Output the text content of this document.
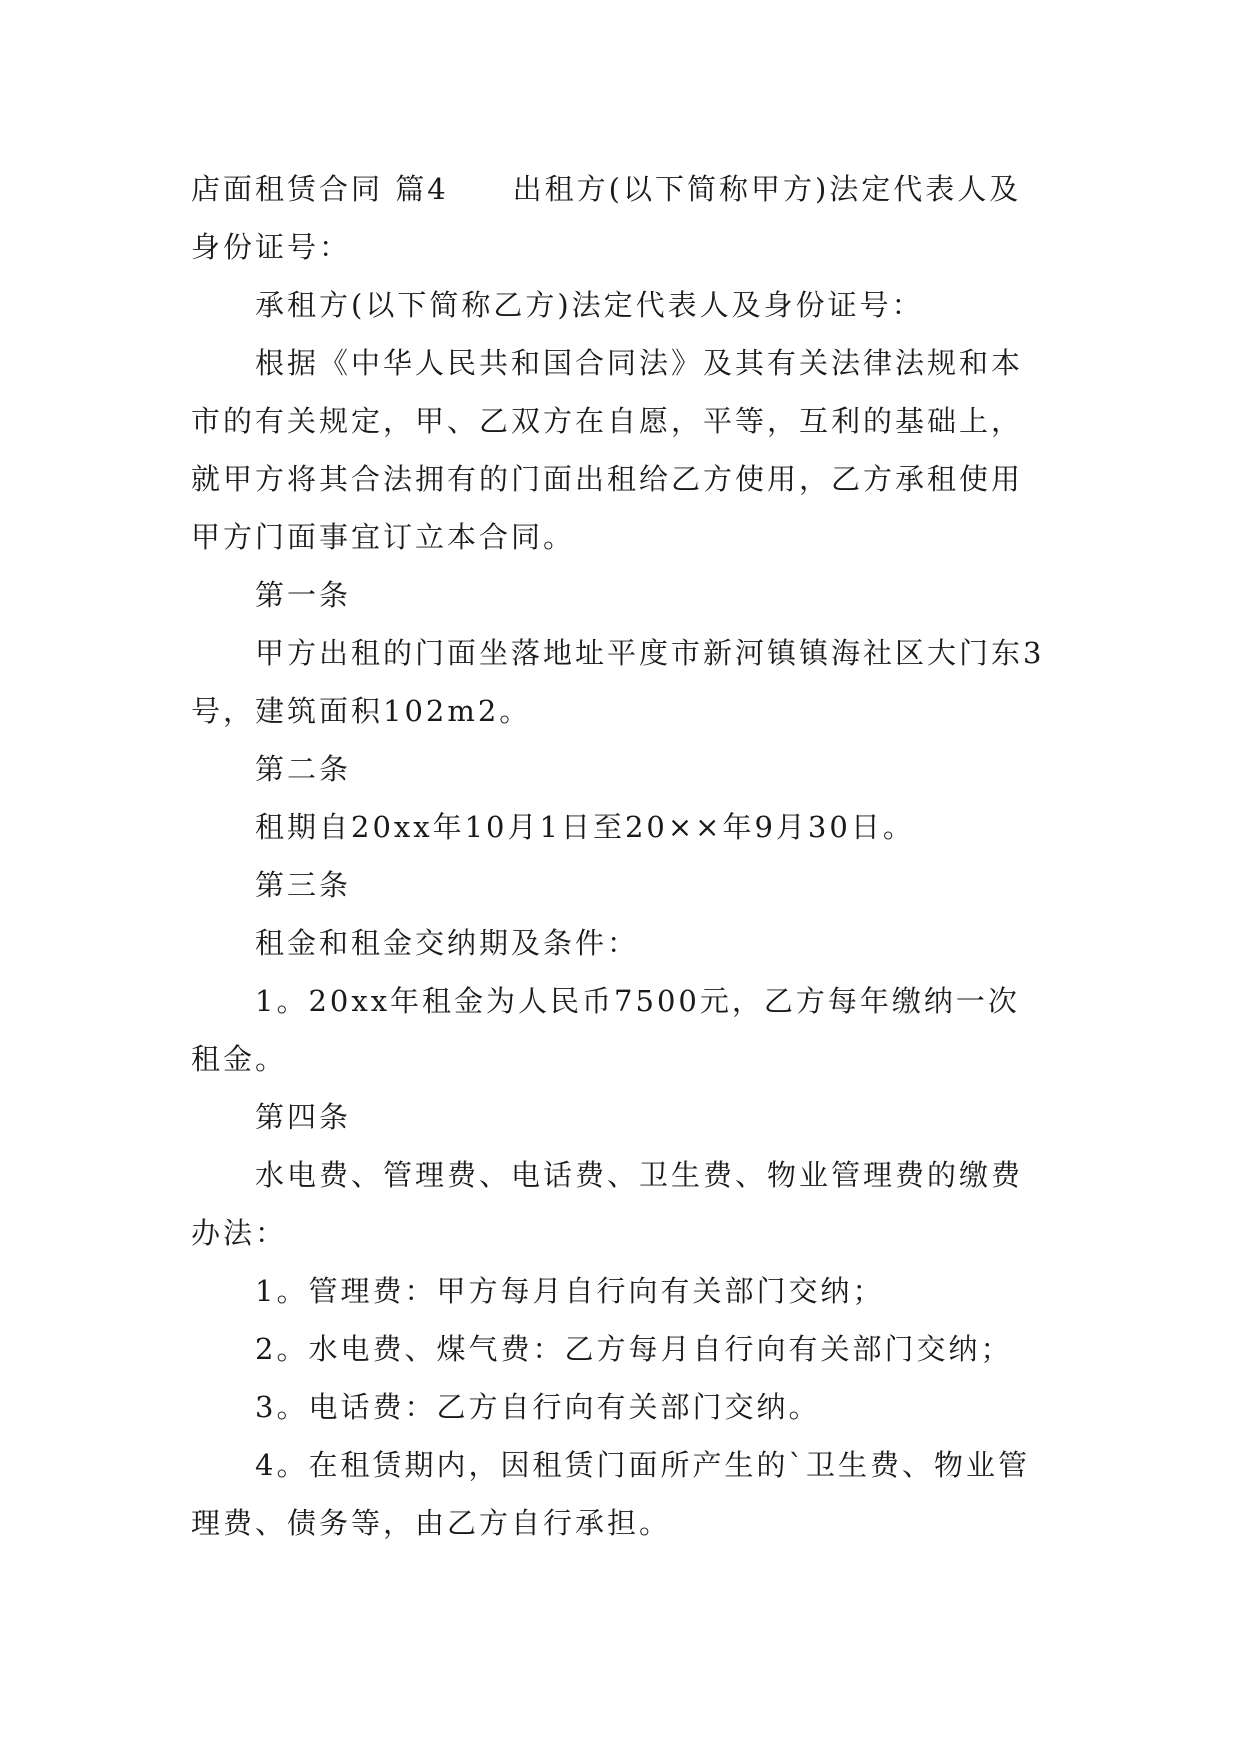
店面租赁合同 篇4 出租方(以下简称甲方)法定代表人及身份证号：

承租方(以下简称乙方)法定代表人及身份证号：

根据《中华人民共和国合同法》及其有关法律法规和本市的有关规定，甲、乙双方在自愿，平等，互利的基础上，就甲方将其合法拥有的门面出租给乙方使用，乙方承租使用甲方门面事宜订立本合同。

第一条

甲方出租的门面坐落地址平度市新河镇镇海社区大门东3号，建筑面积102m2。

第二条

租期自20xx年10月1日至20××年9月30日。

第三条

租金和租金交纳期及条件：

1。20xx年租金为人民币7500元，乙方每年缴纳一次租金。

第四条

水电费、管理费、电话费、卫生费、物业管理费的缴费办法：

1。管理费：甲方每月自行向有关部门交纳；

2。水电费、煤气费：乙方每月自行向有关部门交纳；

3。电话费：乙方自行向有关部门交纳。

4。在租赁期内，因租赁门面所产生的`卫生费、物业管理费、债务等，由乙方自行承担。
